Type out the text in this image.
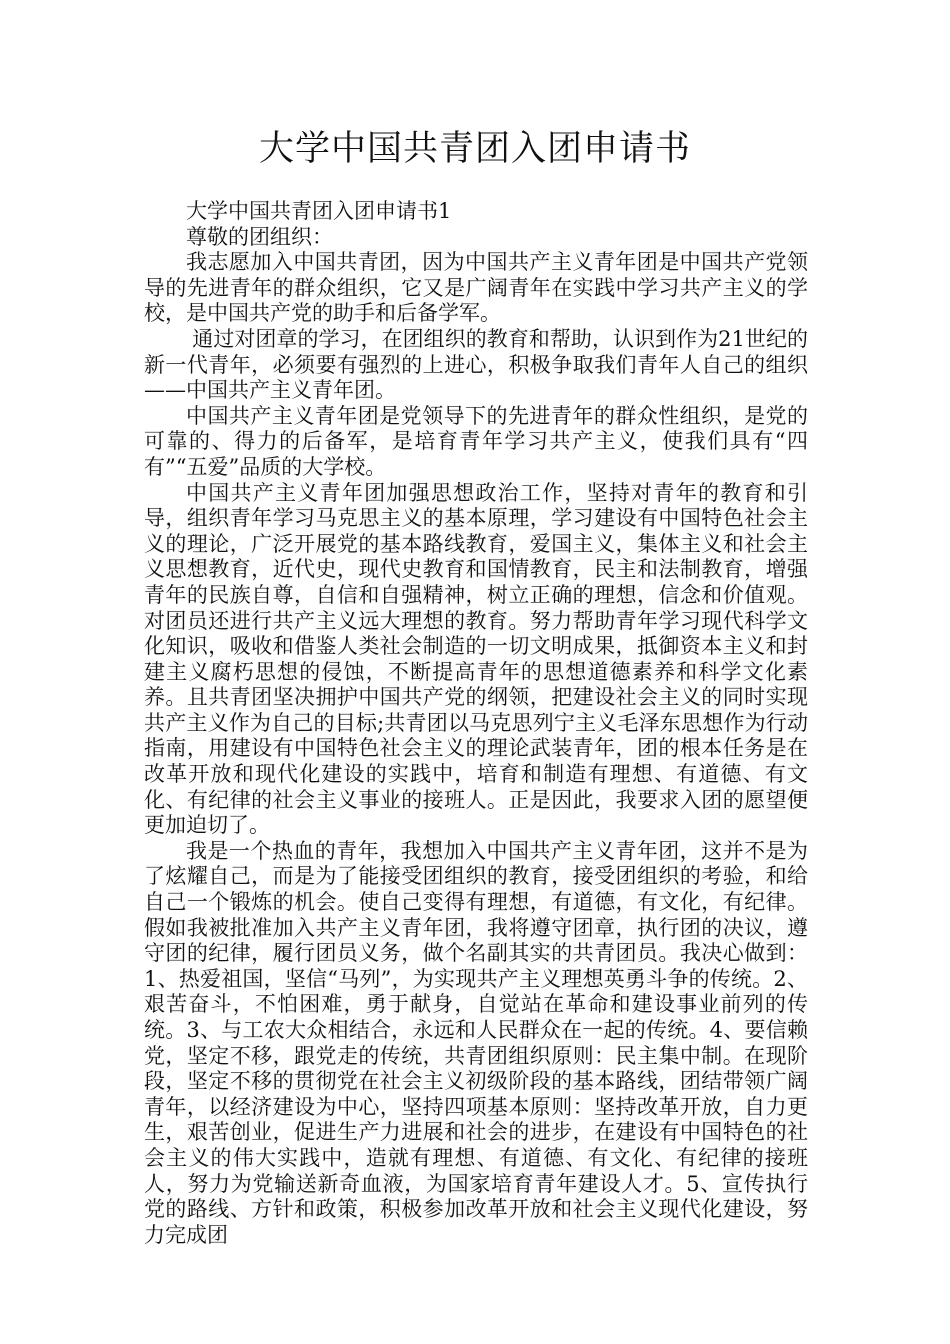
大学中国共青团入团申请书

大学中国共青团入团申请书1

尊敬的团组织：

我志愿加入中国共青团，因为中国共产主义青年团是中国共产党领导的先进青年的群众组织，它又是广阔青年在实践中学习共产主义的学校，是中国共产党的助手和后备学军。

通过对团章的学习，在团组织的教育和帮助，认识到作为21世纪的新一代青年，必须要有强烈的上进心，积极争取我们青年人自己的组织——中国共产主义青年团。

中国共产主义青年团是党领导下的先进青年的群众性组织，是党的可靠的、得力的后备军，是培育青年学习共产主义，使我们具有“四有”“五爱”品质的大学校。

中国共产主义青年团加强思想政治工作，坚持对青年的教育和引导，组织青年学习马克思主义的基本原理，学习建设有中国特色社会主义的理论，广泛开展党的基本路线教育，爱国主义，集体主义和社会主义思想教育，近代史，现代史教育和国情教育，民主和法制教育，增强青年的民族自尊，自信和自强精神，树立正确的理想，信念和价值观。对团员还进行共产主义远大理想的教育。努力帮助青年学习现代科学文化知识，吸收和借鉴人类社会制造的一切文明成果，抵御资本主义和封建主义腐朽思想的侵蚀，不断提高青年的思想道德素养和科学文化素养。且共青团坚决拥护中国共产党的纲领，把建设社会主义的同时实现共产主义作为自己的目标;共青团以马克思列宁主义毛泽东思想作为行动指南，用建设有中国特色社会主义的理论武装青年，团的根本任务是在改革开放和现代化建设的实践中，培育和制造有理想、有道德、有文化、有纪律的社会主义事业的接班人。正是因此，我要求入团的愿望便更加迫切了。

我是一个热血的青年，我想加入中国共产主义青年团，这并不是为了炫耀自己，而是为了能接受团组织的教育，接受团组织的考验，和给自己一个锻炼的机会。使自己变得有理想，有道德，有文化，有纪律。假如我被批准加入共产主义青年团，我将遵守团章，执行团的决议，遵守团的纪律，履行团员义务，做个名副其实的共青团员。我决心做到：1、热爱祖国，坚信“马列”，为实现共产主义理想英勇斗争的传统。2、艰苦奋斗，不怕困难，勇于献身，自觉站在革命和建设事业前列的传统。3、与工农大众相结合，永远和人民群众在一起的传统。4、要信赖党，坚定不移，跟党走的传统，共青团组织原则：民主集中制。在现阶段，坚定不移的贯彻党在社会主义初级阶段的基本路线，团结带领广阔青年，以经济建设为中心，坚持四项基本原则：坚持改革开放，自力更生，艰苦创业，促进生产力进展和社会的进步，在建设有中国特色的社会主义的伟大实践中，造就有理想、有道德、有文化、有纪律的接班人，努力为党输送新奇血液，为国家培育青年建设人才。5、宣传执行党的路线、方针和政策，积极参加改革开放和社会主义现代化建设，努力完成团
